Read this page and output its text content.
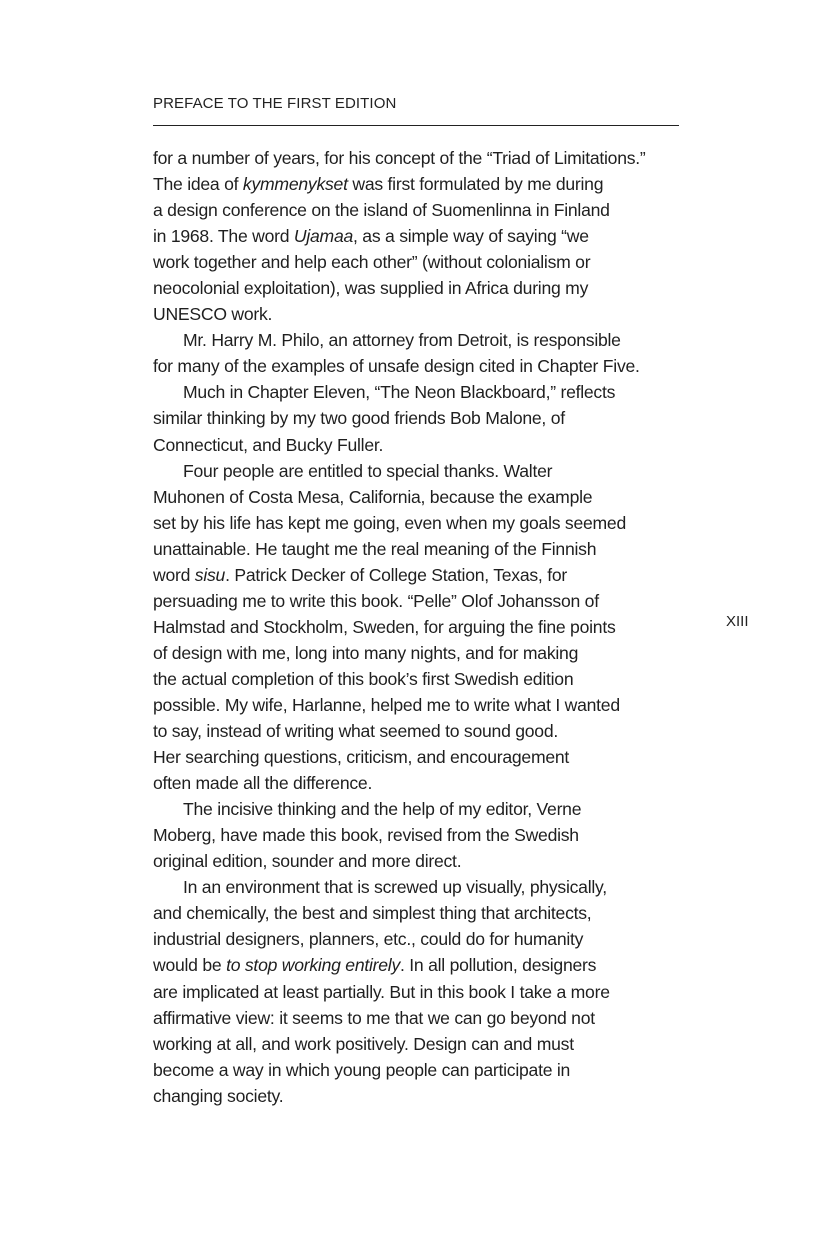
PREFACE TO THE FIRST EDITION
for a number of years, for his concept of the “Triad of Limitations.”
The idea of kymmenykset was first formulated by me during
a design conference on the island of Suomenlinna in Finland
in 1968. The word Ujamaa, as a simple way of saying “we
work together and help each other” (without colonialism or
neocolonial exploitation), was supplied in Africa during my
UNESCO work.
Mr. Harry M. Philo, an attorney from Detroit, is responsible
for many of the examples of unsafe design cited in Chapter Five.
Much in Chapter Eleven, “The Neon Blackboard,” reflects
similar thinking by my two good friends Bob Malone, of
Connecticut, and Bucky Fuller.
Four people are entitled to special thanks. Walter
Muhonen of Costa Mesa, California, because the example
set by his life has kept me going, even when my goals seemed
unattainable. He taught me the real meaning of the Finnish
word sisu. Patrick Decker of College Station, Texas, for
persuading me to write this book. “Pelle” Olof Johansson of
Halmstad and Stockholm, Sweden, for arguing the fine points
of design with me, long into many nights, and for making
the actual completion of this book’s first Swedish edition
possible. My wife, Harlanne, helped me to write what I wanted
to say, instead of writing what seemed to sound good.
Her searching questions, criticism, and encouragement
often made all the difference.
The incisive thinking and the help of my editor, Verne
Moberg, have made this book, revised from the Swedish
original edition, sounder and more direct.
In an environment that is screwed up visually, physically,
and chemically, the best and simplest thing that architects,
industrial designers, planners, etc., could do for humanity
would be to stop working entirely. In all pollution, designers
are implicated at least partially. But in this book I take a more
affirmative view: it seems to me that we can go beyond not
working at all, and work positively. Design can and must
become a way in which young people can participate in
changing society.
XIII
